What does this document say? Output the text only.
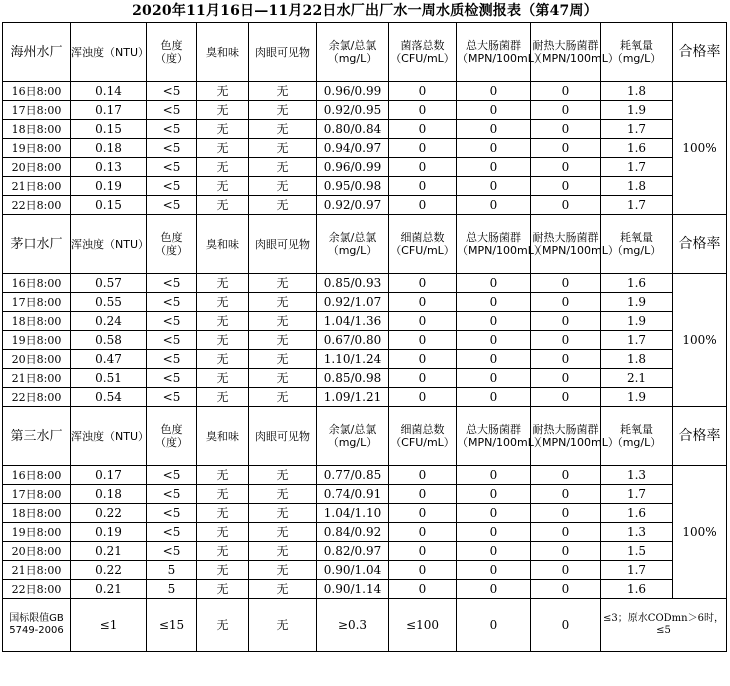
2020年11月16日—11月22日水厂出厂水一周水质检测报表（第47周）
海州水厂	浑浊度（NTU）	色度（度）	臭和味	肉眼可见物	余氯/总氯（mg/L）	菌落总数（CFU/mL）	总大肠菌群（MPN/100mL）	耐热大肠菌群（MPN/100mL）	耗氧量（mg/L）	合格率
16日8:00	0.14	<5	无	无	0.96/0.99	0	0	0	1.8	100%
17日8:00	0.17	<5	无	无	0.92/0.95	0	0	0	1.9	
18日8:00	0.15	<5	无	无	0.80/0.84	0	0	0	1.7	
19日8:00	0.18	<5	无	无	0.94/0.97	0	0	0	1.6	
20日8:00	0.13	<5	无	无	0.96/0.99	0	0	0	1.7	
21日8:00	0.19	<5	无	无	0.95/0.98	0	0	0	1.8	
22日8:00	0.15	<5	无	无	0.92/0.97	0	0	0	1.7	
茅口水厂	浑浊度（NTU）	色度（度）	臭和味	肉眼可见物	余氯/总氯（mg/L）	细菌总数（CFU/mL）	总大肠菌群（MPN/100mL）	耐热大肠菌群（MPN/100mL）	耗氧量（mg/L）	合格率
16日8:00	0.57	<5	无	无	0.85/0.93	0	0	0	1.6	100%
17日8:00	0.55	<5	无	无	0.92/1.07	0	0	0	1.9	
18日8:00	0.24	<5	无	无	1.04/1.36	0	0	0	1.9	
19日8:00	0.58	<5	无	无	0.67/0.80	0	0	0	1.7	
20日8:00	0.47	<5	无	无	1.10/1.24	0	0	0	1.8	
21日8:00	0.51	<5	无	无	0.85/0.98	0	0	0	2.1	
22日8:00	0.54	<5	无	无	1.09/1.21	0	0	0	1.9	
第三水厂	浑浊度（NTU）	色度（度）	臭和味	肉眼可见物	余氯/总氯（mg/L）	细菌总数（CFU/mL）	总大肠菌群（MPN/100mL）	耐热大肠菌群（MPN/100mL）	耗氧量（mg/L）	合格率
16日8:00	0.17	<5	无	无	0.77/0.85	0	0	0	1.3	100%
17日8:00	0.18	<5	无	无	0.74/0.91	0	0	0	1.7	
18日8:00	0.22	<5	无	无	1.04/1.10	0	0	0	1.6	
19日8:00	0.19	<5	无	无	0.84/0.92	0	0	0	1.3	
20日8:00	0.21	<5	无	无	0.82/0.97	0	0	0	1.5	
21日8:00	0.22	5	无	无	0.90/1.04	0	0	0	1.7	
22日8:00	0.21	5	无	无	0.90/1.14	0	0	0	1.6	
国标限值GB 5749-2006	≤1	≤15	无	无	≥0.3	≤100	0	0	≤3；原水CODmn＞6时，≤5	
